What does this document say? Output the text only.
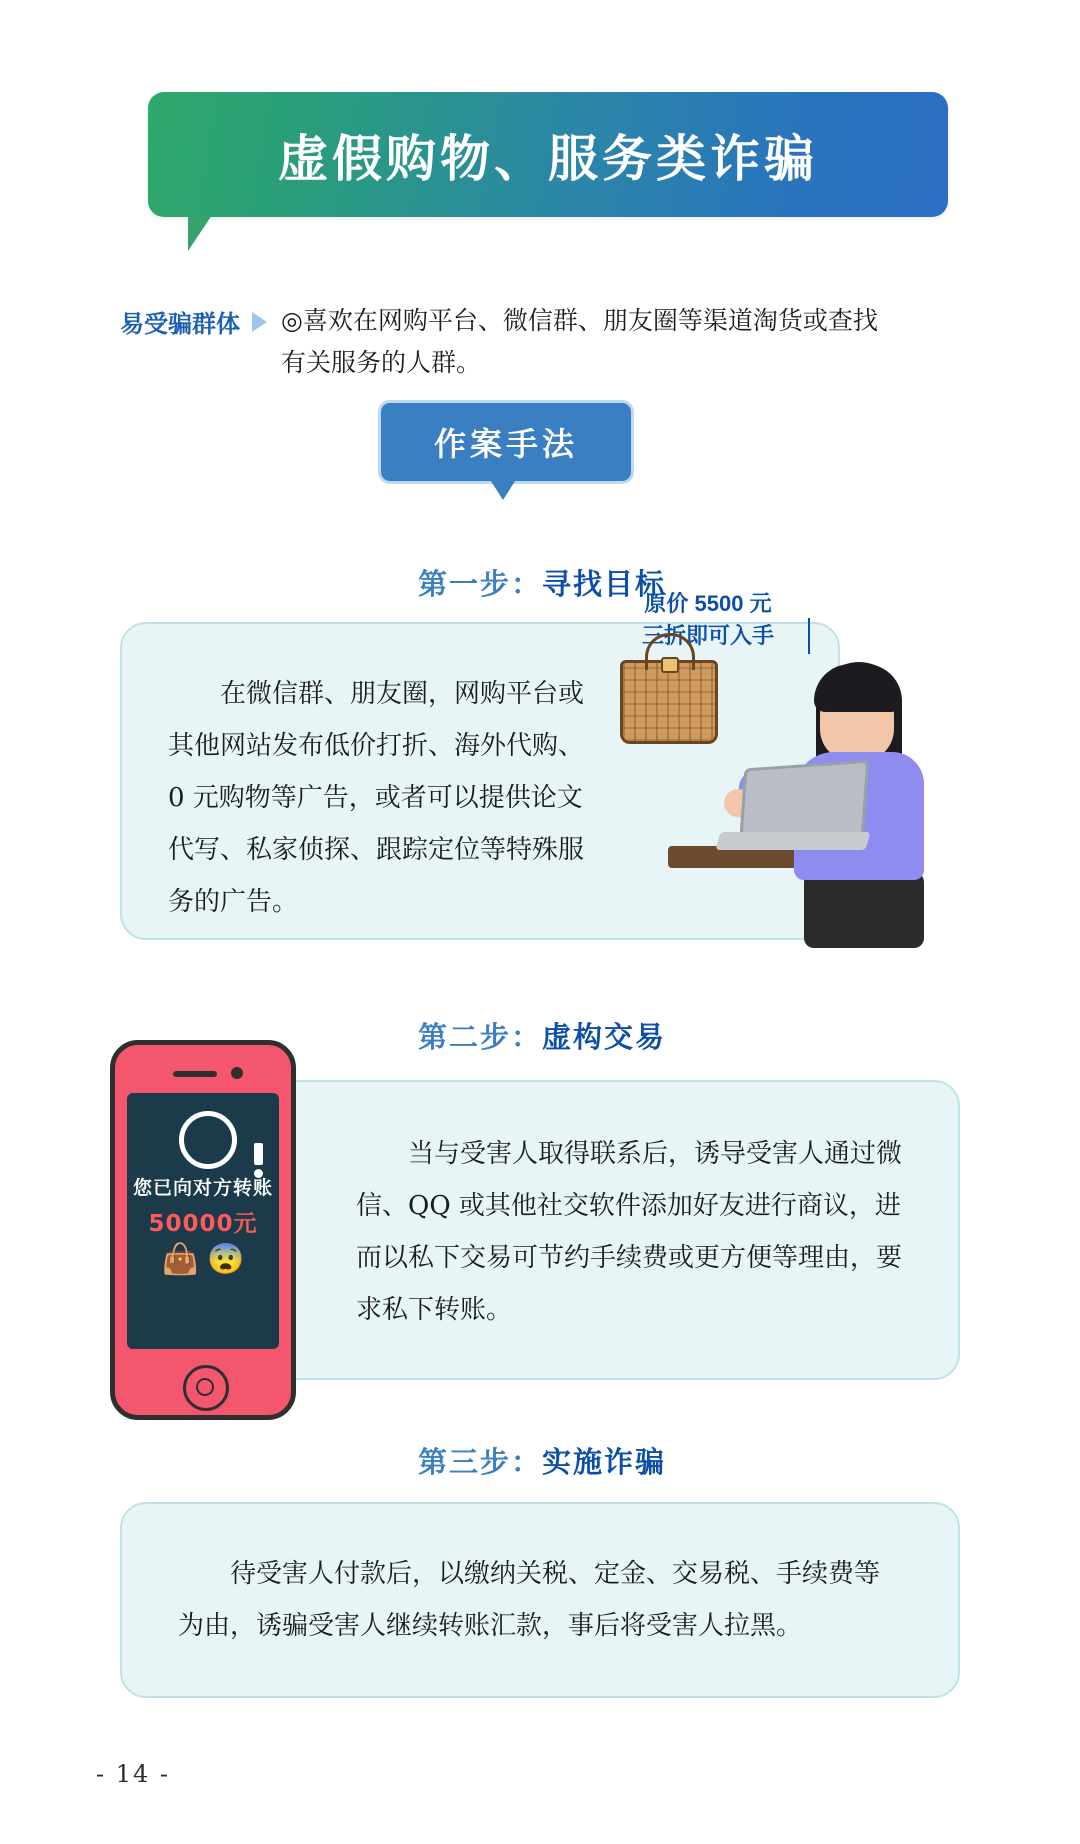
虚假购物、服务类诈骗
易受骗群体 ◎喜欢在网购平台、微信群、朋友圈等渠道淘货或查找有关服务的人群。
作案手法
第一步：寻找目标

在微信群、朋友圈，网购平台或其他网站发布低价打折、海外代购、0 元购物等广告，或者可以提供论文代写、私家侦探、跟踪定位等特殊服务的广告。

原价 5500 元
三折即可入手
第二步：虚构交易

当与受害人取得联系后，诱导受害人通过微信、QQ 或其他社交软件添加好友进行商议，进而以私下交易可节约手续费或更方便等理由，要求私下转账。

您已向对方转账
50000元
👜 😨
第三步：实施诈骗

待受害人付款后，以缴纳关税、定金、交易税、手续费等为由，诱骗受害人继续转账汇款，事后将受害人拉黑。

- 14 -
